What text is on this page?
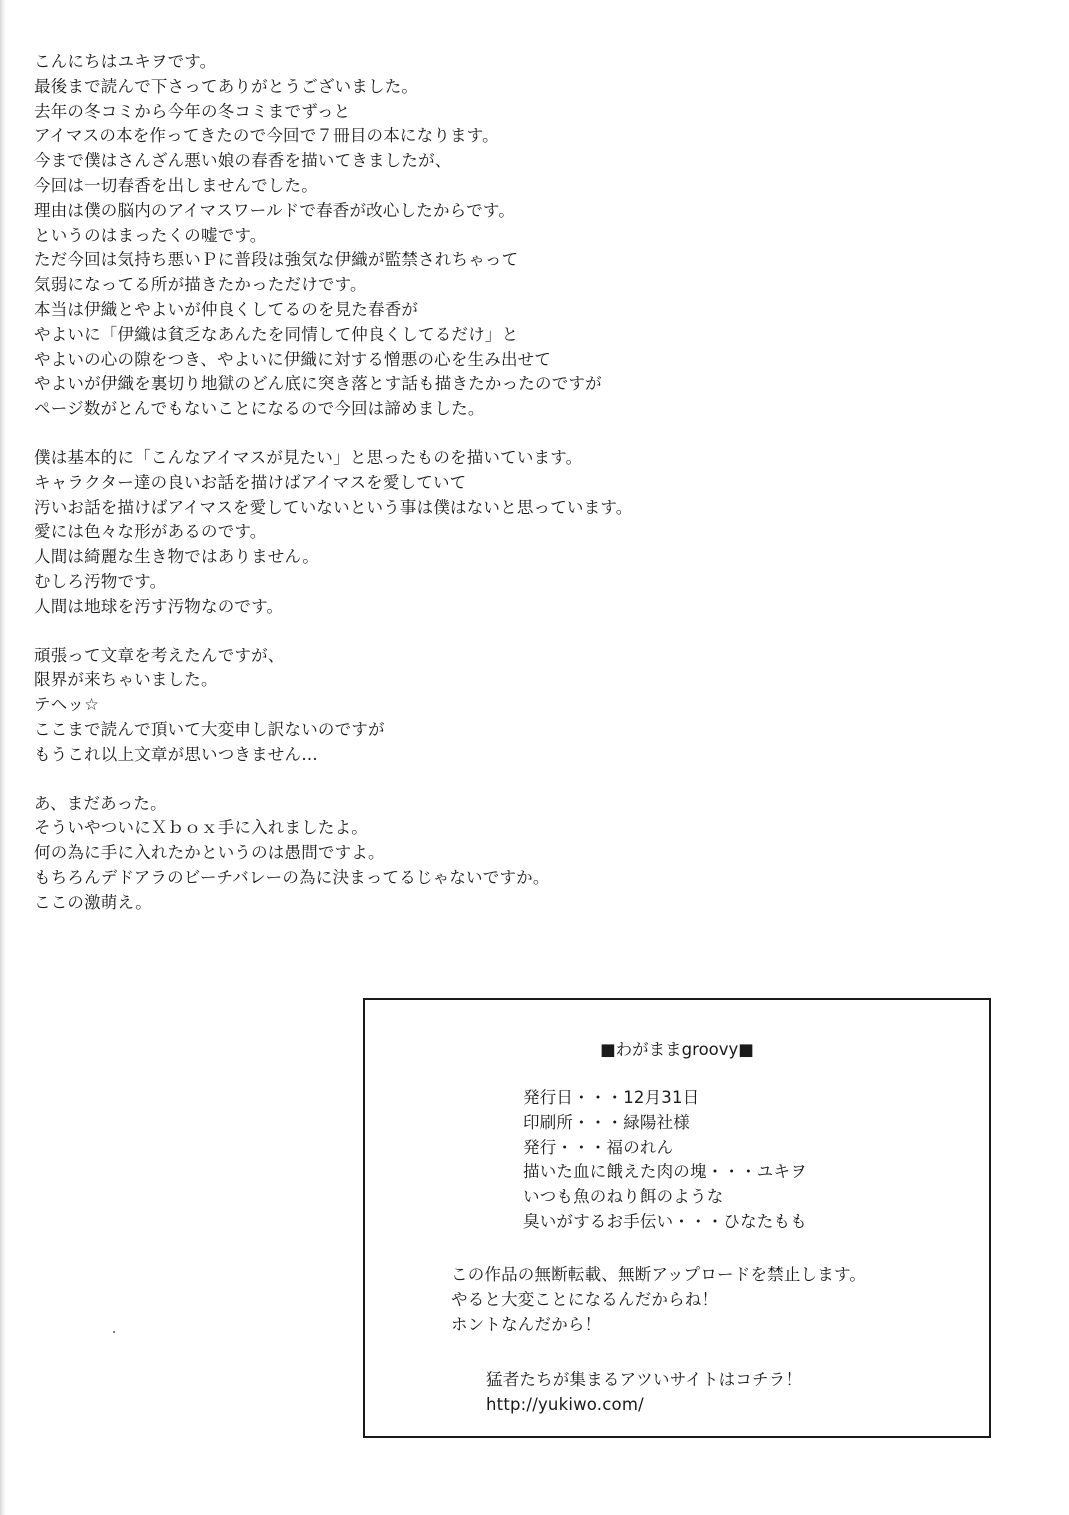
こんにちはユキヲです。
最後まで読んで下さってありがとうございました。
去年の冬コミから今年の冬コミまでずっと
アイマスの本を作ってきたので今回で７冊目の本になります。
今まで僕はさんざん悪い娘の春香を描いてきましたが、
今回は一切春香を出しませんでした。
理由は僕の脳内のアイマスワールドで春香が改心したからです。
というのはまったくの嘘です。
ただ今回は気持ち悪いＰに普段は強気な伊織が監禁されちゃって
気弱になってる所が描きたかっただけです。
本当は伊織とやよいが仲良くしてるのを見た春香が
やよいに「伊織は貧乏なあんたを同情して仲良くしてるだけ」と
やよいの心の隙をつき、やよいに伊織に対する憎悪の心を生み出せて
やよいが伊織を裏切り地獄のどん底に突き落とす話も描きたかったのですが
ページ数がとんでもないことになるので今回は諦めました。
僕は基本的に「こんなアイマスが見たい」と思ったものを描いています。
キャラクター達の良いお話を描けばアイマスを愛していて
汚いお話を描けばアイマスを愛していないという事は僕はないと思っています。
愛には色々な形があるのです。
人間は綺麗な生き物ではありません。
むしろ汚物です。
人間は地球を汚す汚物なのです。
頑張って文章を考えたんですが、
限界が来ちゃいました。
テヘッ☆
ここまで読んで頂いて大変申し訳ないのですが
もうこれ以上文章が思いつきません…
あ、まだあった。
そういやついにＸｂｏｘ手に入れましたよ。
何の為に手に入れたかというのは愚問ですよ。
もちろんデドアラのビーチバレーの為に決まってるじゃないですか。
ここの激萌え。
■わがままgroovy■
発行日・・・12月31日
印刷所・・・緑陽社様
発行・・・福のれん
描いた血に餓えた肉の塊・・・ユキヲ
いつも魚のねり餌のような
臭いがするお手伝い・・・ひなたもも
この作品の無断転載、無断アップロードを禁止します。
やると大変ことになるんだからね！
ホントなんだから！
猛者たちが集まるアツいサイトはコチラ！
http://yukiwo.com/
